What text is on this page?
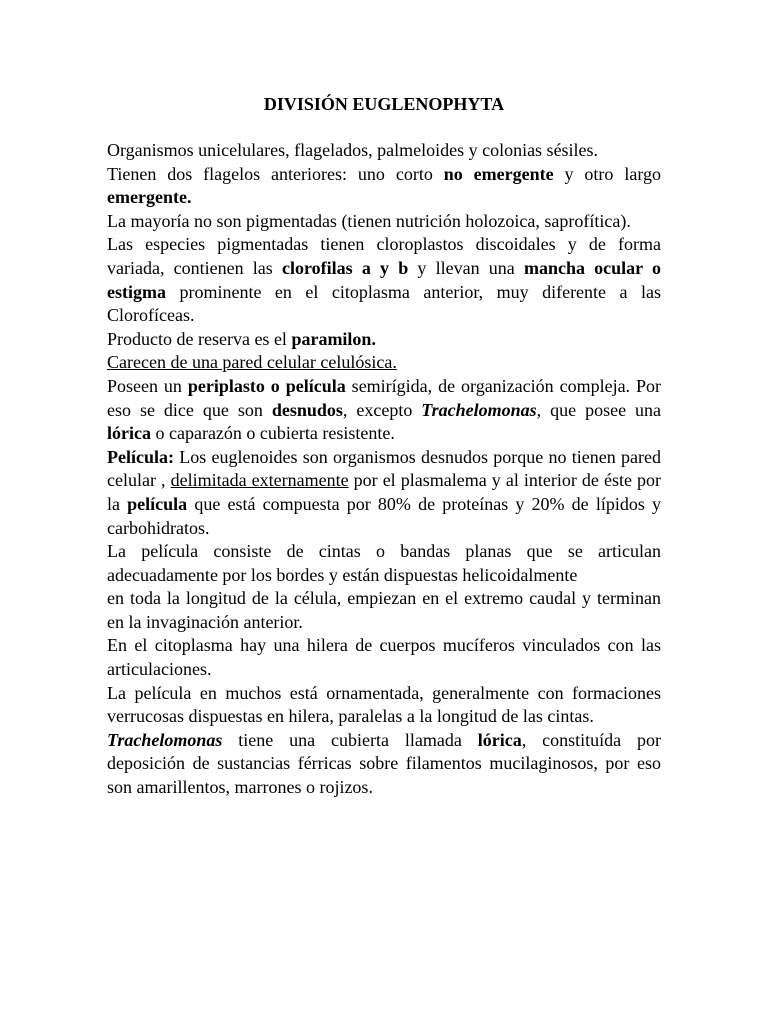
DIVISIÓN EUGLENOPHYTA

Organismos unicelulares, flagelados, palmeloides y colonias sésiles.

Tienen dos flagelos anteriores: uno corto no emergente y otro largo emergente.

La mayoría no son pigmentadas (tienen nutrición holozoica, saprofítica).

Las especies pigmentadas tienen cloroplastos discoidales y de forma variada, contienen las clorofilas a y b y llevan una mancha ocular o estigma prominente en el citoplasma anterior, muy diferente a las Clorofíceas.

Producto de reserva es el paramilon.

Carecen de una pared celular celulósica.

Poseen un periplasto o película semirígida, de organización compleja. Por eso se dice que son desnudos, excepto Trachelomonas, que posee una lórica o caparazón o cubierta resistente.

Película: Los euglenoides son organismos desnudos porque no tienen pared celular , delimitada externamente por el plasmalema y al interior de éste por la película que está compuesta por 80% de proteínas y 20% de lípidos y carbohidratos.

La película consiste de cintas o bandas planas que se articulan adecuadamente por los bordes y están dispuestas helicoidalmente

en toda la longitud de la célula, empiezan en el extremo caudal y terminan en la invaginación anterior.

En el citoplasma hay una hilera de cuerpos mucíferos vinculados con las articulaciones.

La película en muchos está ornamentada, generalmente con formaciones verrucosas dispuestas en hilera, paralelas a la longitud de las cintas.

Trachelomonas tiene una cubierta llamada lórica, constituída por deposición de sustancias férricas sobre filamentos mucilaginosos, por eso son amarillentos, marrones o rojizos.
